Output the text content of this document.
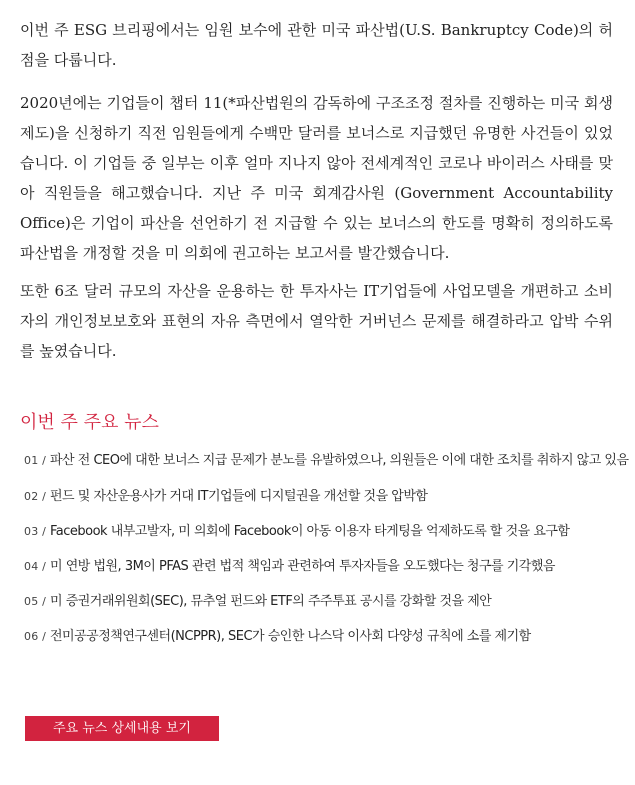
이번 주 ESG 브리핑에서는 임원 보수에 관한 미국 파산법(U.S. Bankruptcy Code)의 허점을 다룹니다.

2020년에는 기업들이 챕터 11(*파산법원의 감독하에 구조조정 절차를 진행하는 미국 회생 제도)을 신청하기 직전 임원들에게 수백만 달러를 보너스로 지급했던 유명한 사건들이 있었습니다. 이 기업들 중 일부는 이후 얼마 지나지 않아 전세계적인 코로나 바이러스 사태를 맞아 직원들을 해고했습니다. 지난 주 미국 회계감사원 (Government Accountability Office)은 기업이 파산을 선언하기 전 지급할 수 있는 보너스의 한도를 명확히 정의하도록 파산법을 개정할 것을 미 의회에 권고하는 보고서를 발간했습니다.

또한 6조 달러 규모의 자산을 운용하는 한 투자사는 IT기업들에 사업모델을 개편하고 소비자의 개인정보보호와 표현의 자유 측면에서 열악한 거버넌스 문제를 해결하라고 압박 수위를 높였습니다.

이번 주 주요 뉴스
01 / 파산 전 CEO에 대한 보너스 지급 문제가 분노를 유발하였으나, 의원들은 이에 대한 조치를 취하지 않고 있음
02 / 펀드 및 자산운용사가 거대 IT기업들에 디지털권을 개선할 것을 압박함
03 / Facebook 내부고발자, 미 의회에 Facebook이 아동 이용자 타게팅을 억제하도록 할 것을 요구함
04 / 미 연방 법원, 3M이 PFAS 관련 법적 책임과 관련하여 투자자들을 오도했다는 청구를 기각했음
05 / 미 증권거래위원회(SEC), 뮤추얼 펀드와 ETF의 주주투표 공시를 강화할 것을 제안
06 / 전미공공정책연구센터(NCPPR), SEC가 승인한 나스닥 이사회 다양성 규칙에 소를 제기함
주요 뉴스 상세내용 보기
